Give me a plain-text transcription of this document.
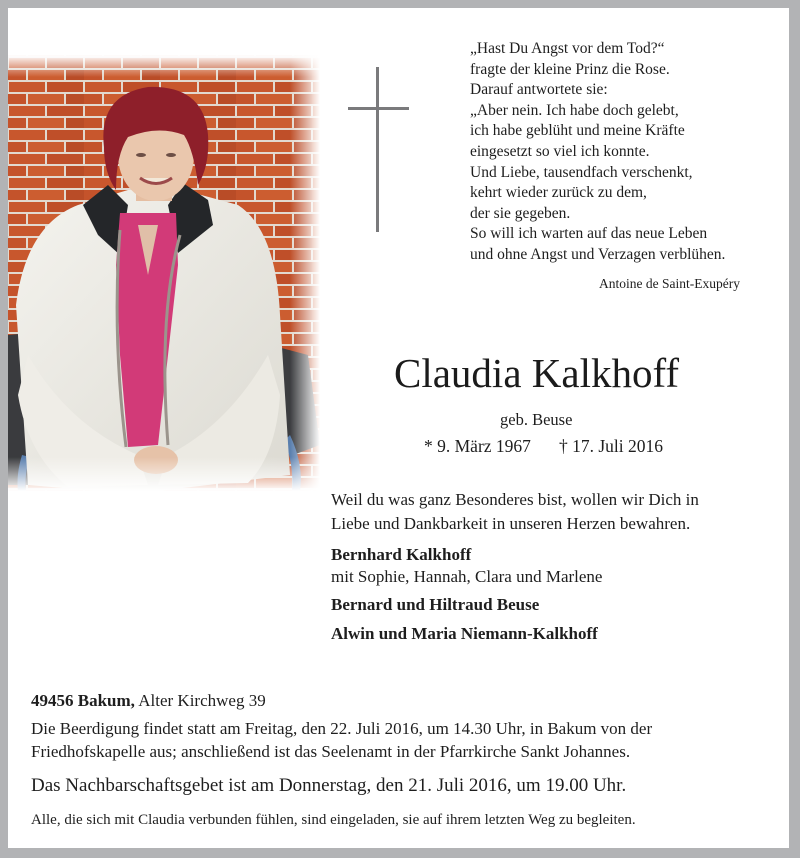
„Hast Du Angst vor dem Tod?“
fragte der kleine Prinz die Rose.
Darauf antwortete sie:
„Aber nein. Ich habe doch gelebt,
ich habe geblüht und meine Kräfte
eingesetzt so viel ich konnte.
Und Liebe, tausendfach verschenkt,
kehrt wieder zurück zu dem,
der sie gegeben.
So will ich warten auf das neue Leben
und ohne Angst und Verzagen verblühen.
Antoine de Saint-Exupéry
Claudia Kalkhoff
geb. Beuse
* 9. März 1967 † 17. Juli 2016
Weil du was ganz Besonderes bist, wollen wir Dich in
Liebe und Dankbarkeit in unseren Herzen bewahren.
Bernhard Kalkhoff
mit Sophie, Hannah, Clara und Marlene
Bernard und Hiltraud Beuse
Alwin und Maria Niemann-Kalkhoff
49456 Bakum, Alter Kirchweg 39
Die Beerdigung findet statt am Freitag, den 22. Juli 2016, um 14.30 Uhr, in Bakum von der
Friedhofskapelle aus; anschließend ist das Seelenamt in der Pfarrkirche Sankt Johannes.
Das Nachbarschaftsgebet ist am Donnerstag, den 21. Juli 2016, um 19.00 Uhr.
Alle, die sich mit Claudia verbunden fühlen, sind eingeladen, sie auf ihrem letzten Weg zu begleiten.
